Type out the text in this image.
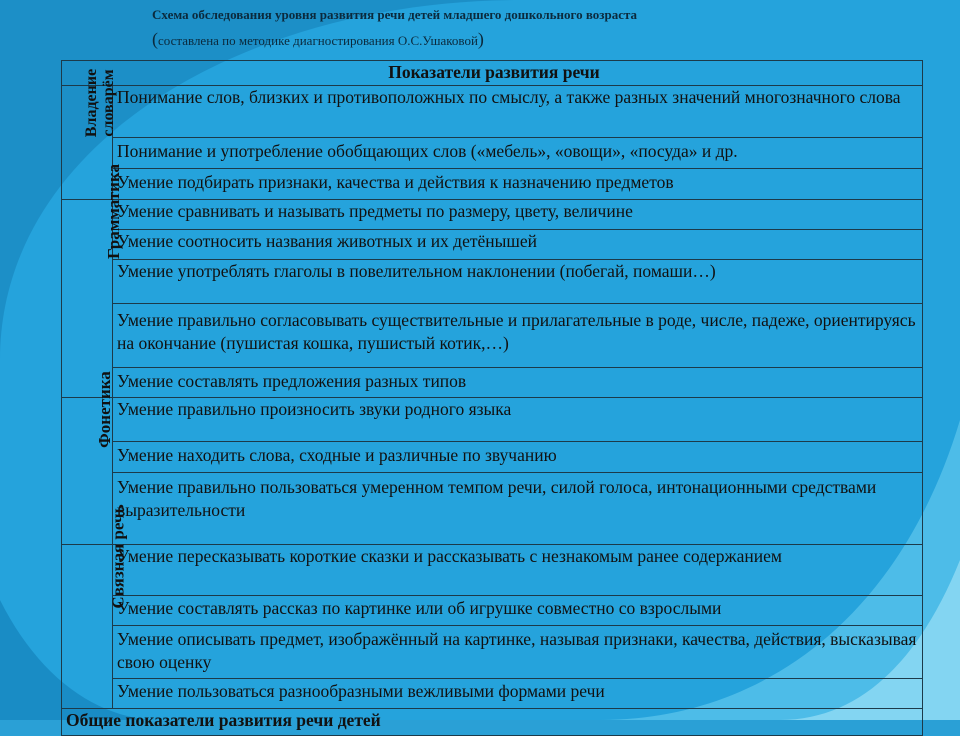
Схема обследования уровня развития речи детей младшего дошкольного возраста
(составлена по методике диагностирования О.С.Ушаковой)
Показатели развития речи	
Владение
словарём	Понимание слов, близких и противоположных по смыслу, а также разных значений многозначного слова
	Понимание и употребление обобщающих слов («мебель», «овощи», «посуда» и др.
	Умение подбирать признаки, качества и действия к назначению предметов
Грамматика	Умение сравнивать и называть предметы по размеру, цвету, величине
	Умение соотносить названия животных и их детёнышей
	Умение употреблять глаголы в повелительном наклонении (побегай, помаши…)
	Умение правильно согласовывать существительные и прилагательные в роде, числе, падеже, ориентируясь на окончание (пушистая кошка, пушистый котик,…)
	Умение составлять предложения разных типов
Фонетика	Умение правильно произносить звуки родного языка
	Умение находить слова, сходные и различные по звучанию
	Умение правильно пользоваться умеренном темпом речи, силой голоса, интонационными средствами выразительности
Связная речь	Умение пересказывать короткие сказки и рассказывать с незнакомым ранее содержанием
	Умение составлять рассказ по картинке или об игрушке совместно со взрослыми
	Умение описывать предмет, изображённый на картинке, называя признаки, качества, действия, высказывая свою оценку
	Умение пользоваться разнообразными вежливыми формами речи
Общие показатели развития речи детей	
